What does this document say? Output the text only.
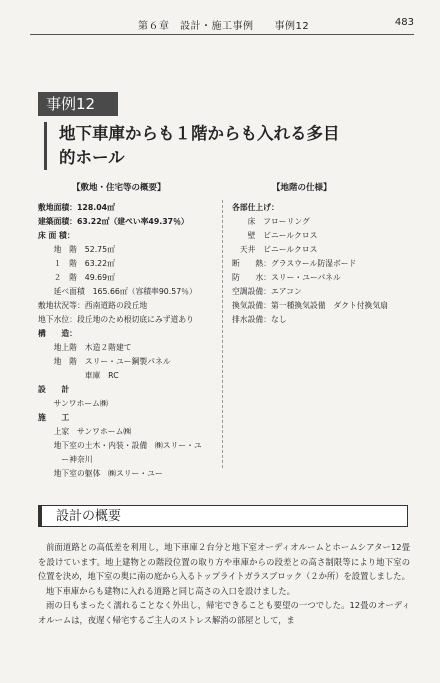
第６章　設計・施工事例　　事例12	483
事例12
地下車庫からも１階からも入れる多目
的ホール
【敷地・住宅等の概要】	【地階の仕様】
敷地面積：128.04㎡
建築面積：63.22㎡（建ぺい率49.37％）
床 面 積：
　　地　階　52.75㎡
　　１　階　63.22㎡
　　２　階　49.69㎡
　　延べ面積　165.66㎡（容積率90.57％）
敷地状況等：西南道路の段丘地
地下水位：段丘地のため根切底にみず道あり
構　　造：
　　地上階　木造２階建て
　　地　階　スリー・ユー鋼製パネル
　　　　　　車庫　RC
設　　計
　　サンワホーム㈱
施　　工
　　上家　サンワホーム㈱
　　地下室の土木・内装・設備　㈱スリー・ユ
　　　ー神奈川
　　地下室の躯体　㈱スリー・ユー
各部仕上げ：
　　床　フローリング
　　壁　ビニールクロス
　天井　ビニールクロス
断　　熱：グラスウール防湿ボード
防　　水：スリー・ユーパネル
空調設備：エアコン
換気設備：第一種換気設備　ダクト付換気扇
排水設備：なし
設計の概要

前面道路との高低差を利用し，地下車庫２台分と地下室オーディオルームとホームシアター12畳を設けています。地上建物との階段位置の取り方や車庫からの段差との高さ制限等により地下室の位置を決め，地下室の奥に南の庭から入るトップライトガラスブロック（２か所）を設置しました。

地下車庫からも建物に入れる道路と同じ高さの入口を設けました。

雨の日もまったく濡れることなく外出し，帰宅できることも要望の一つでした。12畳のオーディオルームは，夜遅く帰宅するご主人のストレス解消の部屋として，ま
